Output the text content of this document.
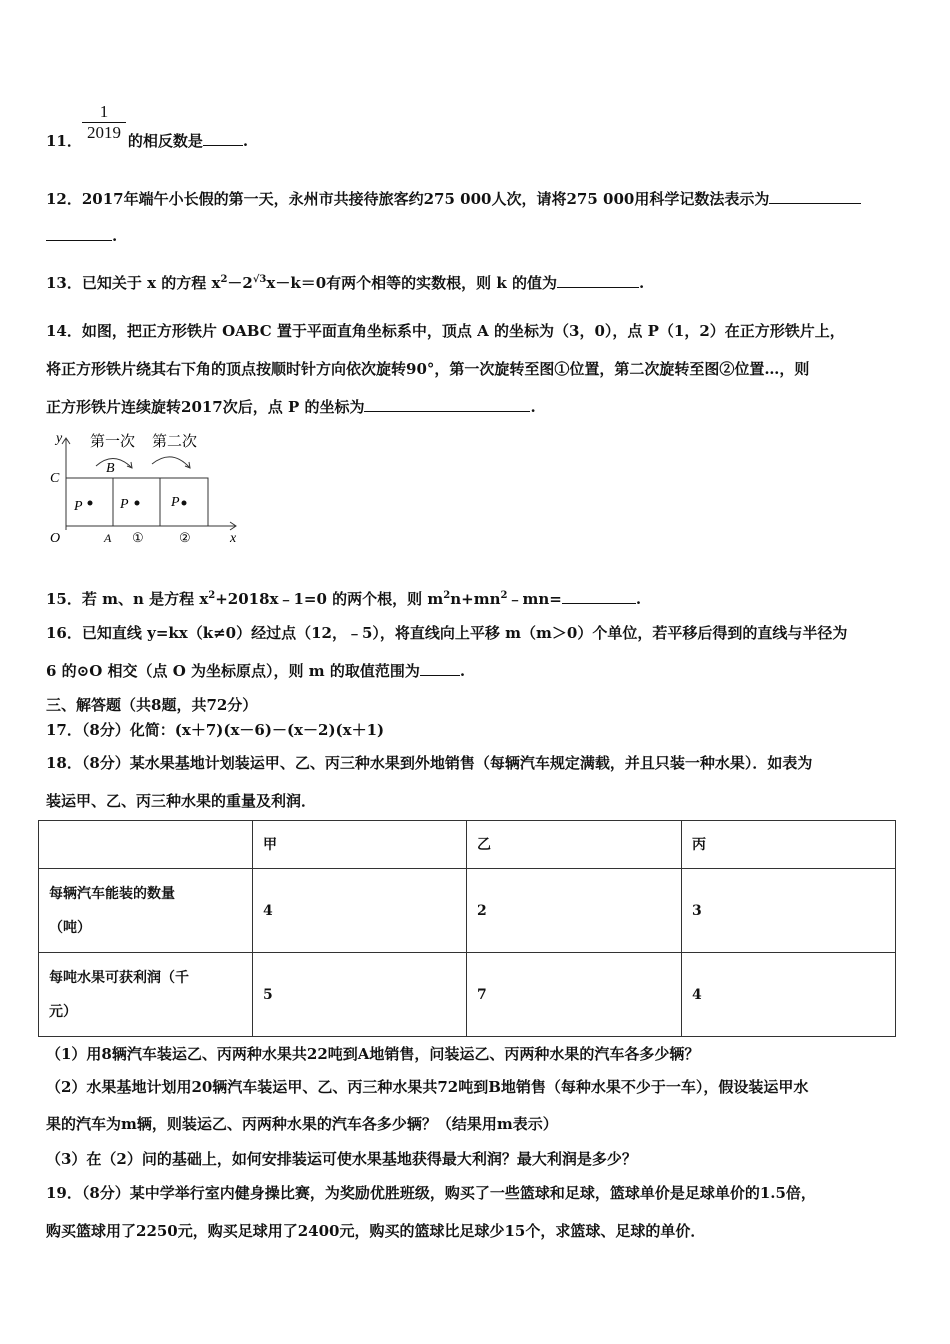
$\frac{1}{2019}$
11．	的相反数是	.
12．2017年端午小长假的第一天，永州市共接待旅客约275 000人次，请将275 000用科学记数法表示为
.
13．已知关于 x 的方程 $x^2-2^{√3}x-k=0$有两个相等的实数根，则 k 的值为	.
14．如图，把正方形铁片 OABC 置于平面直角坐标系中，顶点 A 的坐标为（3，0），点 P（1，2）在正方形铁片上，
将正方形铁片绕其右下角的顶点按顺时针方向依次旋转90°，第一次旋转至图①位置，第二次旋转至图②位置…，则
正方形铁片连续旋转2017次后，点 P 的坐标为	.
y
x
O
C
A
B
P	P	P
①	②
第一次 第二次
15．若 m、n 是方程 $x^2+2018x﹣1=0$ 的两个根，则 $m^2n+mn^2﹣mn=$	.
16．已知直线 y=kx（k≠0）经过点（12，﹣5），将直线向上平移 m（m＞0）个单位，若平移后得到的直线与半径为
6 的⊙O 相交（点 O 为坐标原点），则 m 的取值范围为	.
三、解答题（共8题，共72分）
17．（8分）化简：(x＋7)(x－6)－(x－2)(x＋1)
18．（8分）某水果基地计划装运甲、乙、丙三种水果到外地销售（每辆汽车规定满载，并且只装一种水果）．如表为
装运甲、乙、丙三种水果的重量及利润．
	甲	乙	丙

每辆汽车能装的数量
（吨）	4	2	3

每吨水果可获利润（千
元）	5	7	4
（1）用8辆汽车装运乙、丙两种水果共22吨到A地销售，问装运乙、丙两种水果的汽车各多少辆？
（2）水果基地计划用20辆汽车装运甲、乙、丙三种水果共72吨到B地销售（每种水果不少于一车），假设装运甲水
果的汽车为m辆，则装运乙、丙两种水果的汽车各多少辆？（结果用m表示）
（3）在（2）问的基础上，如何安排装运可使水果基地获得最大利润？最大利润是多少？
19．（8分）某中学举行室内健身操比赛，为奖励优胜班级，购买了一些篮球和足球，篮球单价是足球单价的1.5倍，
购买篮球用了2250元，购买足球用了2400元，购买的篮球比足球少15个，求篮球、足球的单价．
